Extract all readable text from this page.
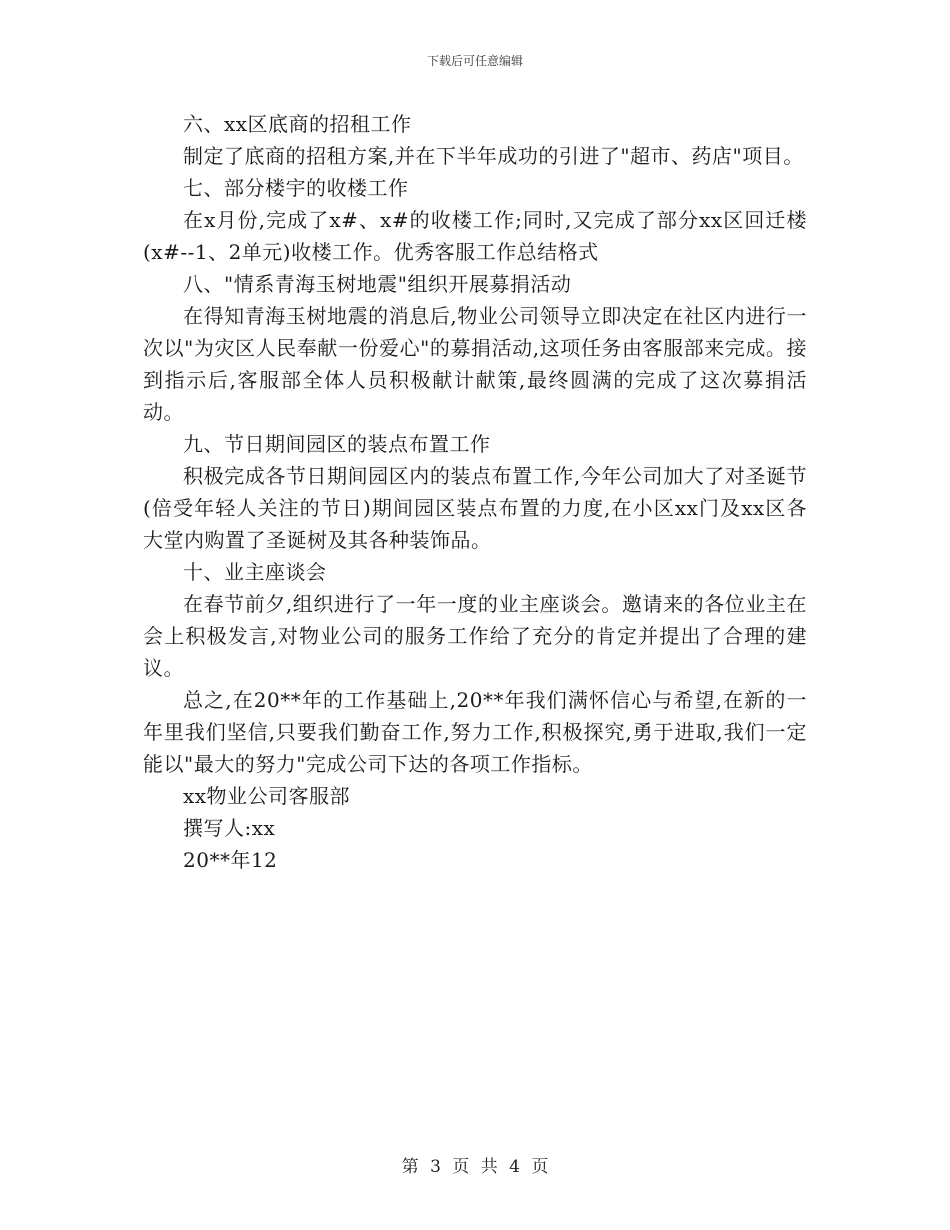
下载后可任意编辑

六、xx区底商的招租工作

制定了底商的招租方案,并在下半年成功的引进了"超市、药店"项目。

七、部分楼宇的收楼工作

在x月份,完成了x#、x#的收楼工作;同时,又完成了部分xx区回迁楼(x#--1、2单元)收楼工作。优秀客服工作总结格式

八、"情系青海玉树地震"组织开展募捐活动

在得知青海玉树地震的消息后,物业公司领导立即决定在社区内进行一次以"为灾区人民奉献一份爱心"的募捐活动,这项任务由客服部来完成。接到指示后,客服部全体人员积极献计献策,最终圆满的完成了这次募捐活动。

九、节日期间园区的装点布置工作

积极完成各节日期间园区内的装点布置工作,今年公司加大了对圣诞节(倍受年轻人关注的节日)期间园区装点布置的力度,在小区xx门及xx区各大堂内购置了圣诞树及其各种装饰品。

十、业主座谈会

在春节前夕,组织进行了一年一度的业主座谈会。邀请来的各位业主在会上积极发言,对物业公司的服务工作给了充分的肯定并提出了合理的建议。

总之,在20**年的工作基础上,20**年我们满怀信心与希望,在新的一年里我们坚信,只要我们勤奋工作,努力工作,积极探究,勇于进取,我们一定能以"最大的努力"完成公司下达的各项工作指标。

xx物业公司客服部

撰写人:xx

20**年12

第 3 页 共 4 页
